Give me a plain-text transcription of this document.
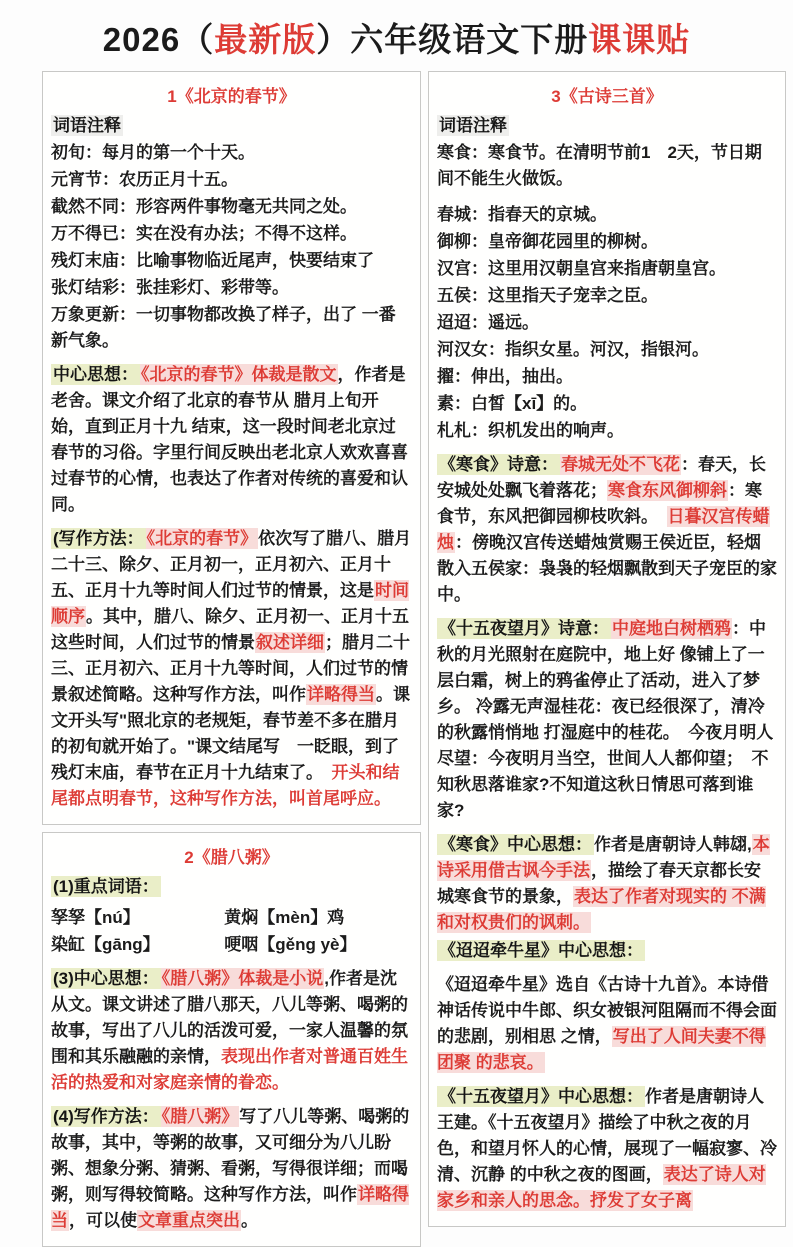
2026（最新版）六年级语文下册课课贴
1《北京的春节》
词语注释
初旬：每月的第一个十天。
元宵节：农历正月十五。
截然不同：形容两件事物毫无共同之处。
万不得已：实在没有办法；不得不这样。
残灯末庙：比喻事物临近尾声，快要结束了
张灯结彩：张挂彩灯、彩带等。
万象更新：一切事物都改换了样子，出了 一番新气象。
中心思想： 《北京的春节》体裁是散文，作者是老舍。课文介绍了北京的春节从 腊月上旬开始，直到正月十九 结束，这一段时间老北京过春节的习俗。字里行间反映出老北京人欢欢喜喜过春节的心情，也表达了作者对传统的喜爱和认同。
(写作方法： 《北京的春节》依次写了腊八、腊月二十三、除夕、正月初一，正月初六、正月十五、正月十九等时间人们过节的情景，这是时间顺序。其中，腊八、除夕、正月初一、正月十五这些时间，人们过节的情景叙述详细；腊月二十三、正月初六、正月十九等时间，人们过节的情景叙述简略。这种写作方法，叫作详略得当。课文开头写"照北京的老规矩，春节差不多在腊月的初旬就开始了。"课文结尾写　一眨眼，到了残灯末庙，春节在正月十九结束了。　开头和结尾都点明春节，这种写作方法，叫首尾呼应。
2《腊八粥》
(1)重点词语：
孥孥【nú】	黄焖【mèn】鸡
染缸【gāng】	哽咽【gěng yè】
(3)中心思想： 《腊八粥》体裁是小说,作者是沈从文。课文讲述了腊八那天，八儿等粥、喝粥的故事，写出了八儿的活泼可爱，一家人温馨的氛围和其乐融融的亲情，表现出作者对普通百姓生活的热爱和对家庭亲情的眷恋。
(4)写作方法： 《腊八粥》写了八儿等粥、喝粥的故事，其中，等粥的故事，又可细分为八儿盼粥、想象分粥、猜粥、看粥，写得很详细；而喝粥，则写得较简略。这种写作方法，叫作详略得当，可以使文章重点突出。
3《古诗三首》
词语注释
寒食：寒食节。在清明节前1　2天，节日期间不能生火做饭。
春城：指春天的京城。
御柳：皇帝御花园里的柳树。
汉宫：这里用汉朝皇宫来指唐朝皇宫。
五侯：这里指天子宠幸之臣。
迢迢：遥远。
河汉女：指织女星。河汉，指银河。
擢：伸出，抽出。
素：白皙【xī】的。
札札：织机发出的响声。
《寒食》诗意： 春城无处不飞花：春天，长安城处处飘飞着落花；寒食东风御柳斜：寒食节，东风把御园柳枝吹斜。　日暮汉宫传蜡烛：傍晚汉宫传送蜡烛赏赐王侯近臣，轻烟散入五侯家：袅袅的轻烟飘散到天子宠臣的家中。
《十五夜望月》诗意： 中庭地白树栖鸦：中秋的月光照射在庭院中，地上好 像铺上了一层白霜，树上的鸦雀停止了活动，进入了梦乡。 冷露无声湿桂花：夜已经很深了，清冷的秋露悄悄地 打湿庭中的桂花。　今夜月明人尽望：今夜明月当空，世间人人都仰望；　不知秋思落谁家?不知道这秋日情思可落到谁家?
《寒食》中心思想： 作者是唐朝诗人韩翃,本诗采用借古讽今手法，描绘了春天京都长安城寒食节的景象，表达了作者对现实的 不满和对权贵们的讽刺。
《迢迢牵牛星》中心思想：
《迢迢牵牛星》选自《古诗十九首》。本诗借神话传说中牛郎、织女被银河阻隔而不得会面的悲剧，别相思 之情，写出了人间夫妻不得团聚 的悲哀。
《十五夜望月》中心思想： 作者是唐朝诗人王建。《十五夜望月》描绘了中秋之夜的月色，和望月怀人的心情，展现了一幅寂寥、冷清、沉静 的中秋之夜的图画，表达了诗人对家乡和亲人的思念。抒发了女子离
